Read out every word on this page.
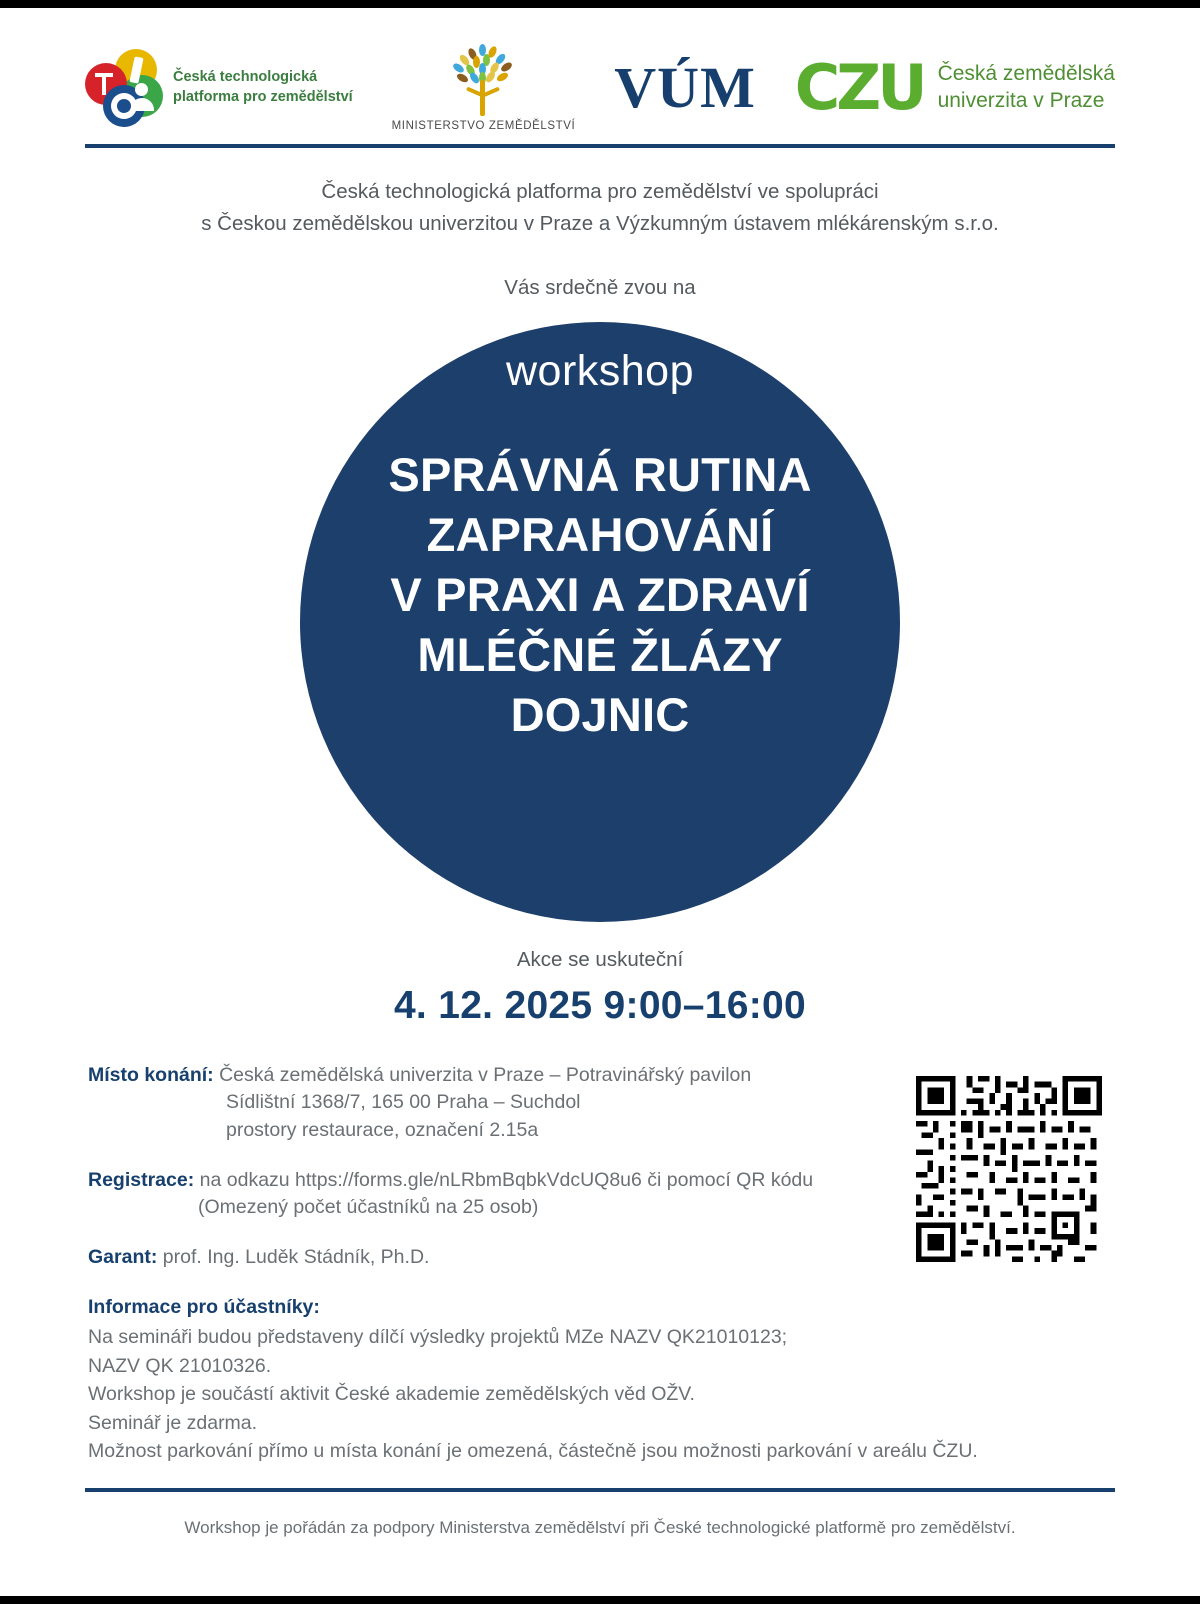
Česká technologická
platforma pro zemědělství
MINISTERSTVO ZEMĚDĚLSTVÍ
VÚM CZU Česká zemědělská
univerzita v Praze
Česká technologická platforma pro zemědělství ve spolupráci
s Českou zemědělskou univerzitou v Praze a Výzkumným ústavem mlékárenským s.r.o.
Vás srdečně zvou na
workshop
SPRÁVNÁ RUTINA
ZAPRAHOVÁNÍ
V PRAXI A ZDRAVÍ
MLÉČNÉ ŽLÁZY
DOJNIC
Akce se uskuteční
4. 12. 2025 9:00–16:00
Místo konání: Česká zemědělská univerzita v Praze – Potravinářský pavilon
Sídlištní 1368/7, 165 00 Praha – Suchdol
prostory restaurace, označení 2.15a
Registrace: na odkazu https://forms.gle/nLRbmBqbkVdcUQ8u6 či pomocí QR kódu
(Omezený počet účastníků na 25 osob)
Garant: prof. Ing. Luděk Stádník, Ph.D.
Informace pro účastníky:
Na semináři budou představeny dílčí výsledky projektů MZe NAZV QK21010123;
NAZV QK 21010326.
Workshop je součástí aktivit České akademie zemědělských věd OŽV.
Seminář je zdarma.
Možnost parkování přímo u místa konání je omezená, částečně jsou možnosti parkování v areálu ČZU.
Workshop je pořádán za podpory Ministerstva zemědělství při České technologické platformě pro zemědělství.
